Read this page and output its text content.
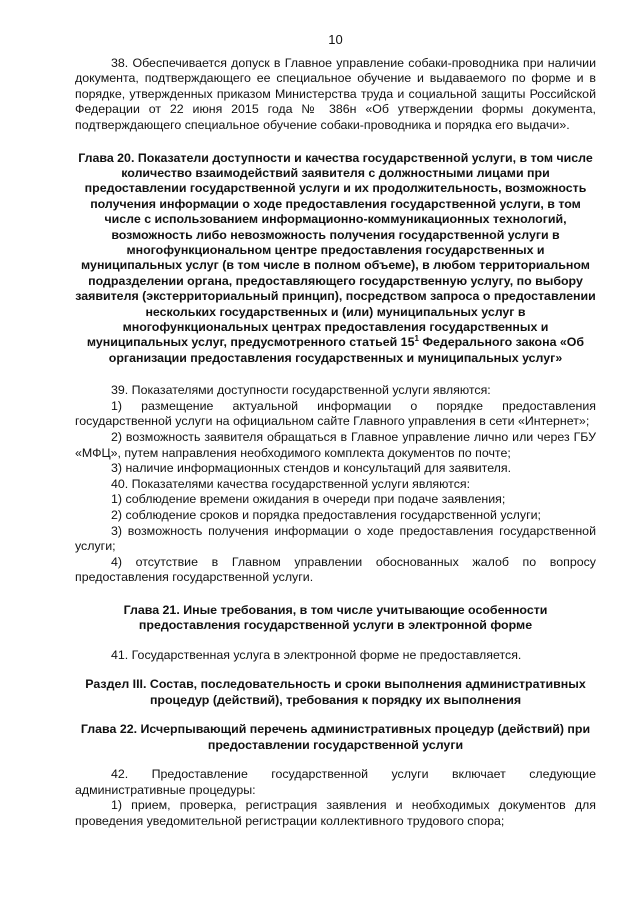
10

38. Обеспечивается допуск в Главное управление собаки-проводника при наличии документа, подтверждающего ее специальное обучение и выдаваемого по форме и в порядке, утвержденных приказом Министерства труда и социальной защиты Российской Федерации от 22 июня 2015 года № 386н «Об утверждении формы документа, подтверждающего специальное обучение собаки-проводника и порядка его выдачи».

Глава 20. Показатели доступности и качества государственной услуги, в том числе количество взаимодействий заявителя с должностными лицами при предоставлении государственной услуги и их продолжительность, возможность получения информации о ходе предоставления государственной услуги, в том числе с использованием информационно-коммуникационных технологий, возможность либо невозможность получения государственной услуги в многофункциональном центре предоставления государственных и муниципальных услуг (в том числе в полном объеме), в любом территориальном подразделении органа, предоставляющего государственную услугу, по выбору заявителя (экстерриториальный принцип), посредством запроса о предоставлении нескольких государственных и (или) муниципальных услуг в многофункциональных центрах предоставления государственных и муниципальных услуг, предусмотренного статьей $15^1$ Федерального закона «Об организации предоставления государственных и муниципальных услуг»

39. Показателями доступности государственной услуги являются:

1) размещение актуальной информации о порядке предоставления государственной услуги на официальном сайте Главного управления в сети «Интернет»;

2) возможность заявителя обращаться в Главное управление лично или через ГБУ «МФЦ», путем направления необходимого комплекта документов по почте;

3) наличие информационных стендов и консультаций для заявителя.

40. Показателями качества государственной услуги являются:

1) соблюдение времени ожидания в очереди при подаче заявления;

2) соблюдение сроков и порядка предоставления государственной услуги;

3) возможность получения информации о ходе предоставления государственной услуги;

4) отсутствие в Главном управлении обоснованных жалоб по вопросу предоставления государственной услуги.

Глава 21. Иные требования, в том числе учитывающие особенности предоставления государственной услуги в электронной форме

41. Государственная услуга в электронной форме не предоставляется.

Раздел III. Состав, последовательность и сроки выполнения административных процедур (действий), требования к порядку их выполнения

Глава 22. Исчерпывающий перечень административных процедур (действий) при предоставлении государственной услуги

42. Предоставление государственной услуги включает следующие административные процедуры:

1) прием, проверка, регистрация заявления и необходимых документов для проведения уведомительной регистрации коллективного трудового спора;
